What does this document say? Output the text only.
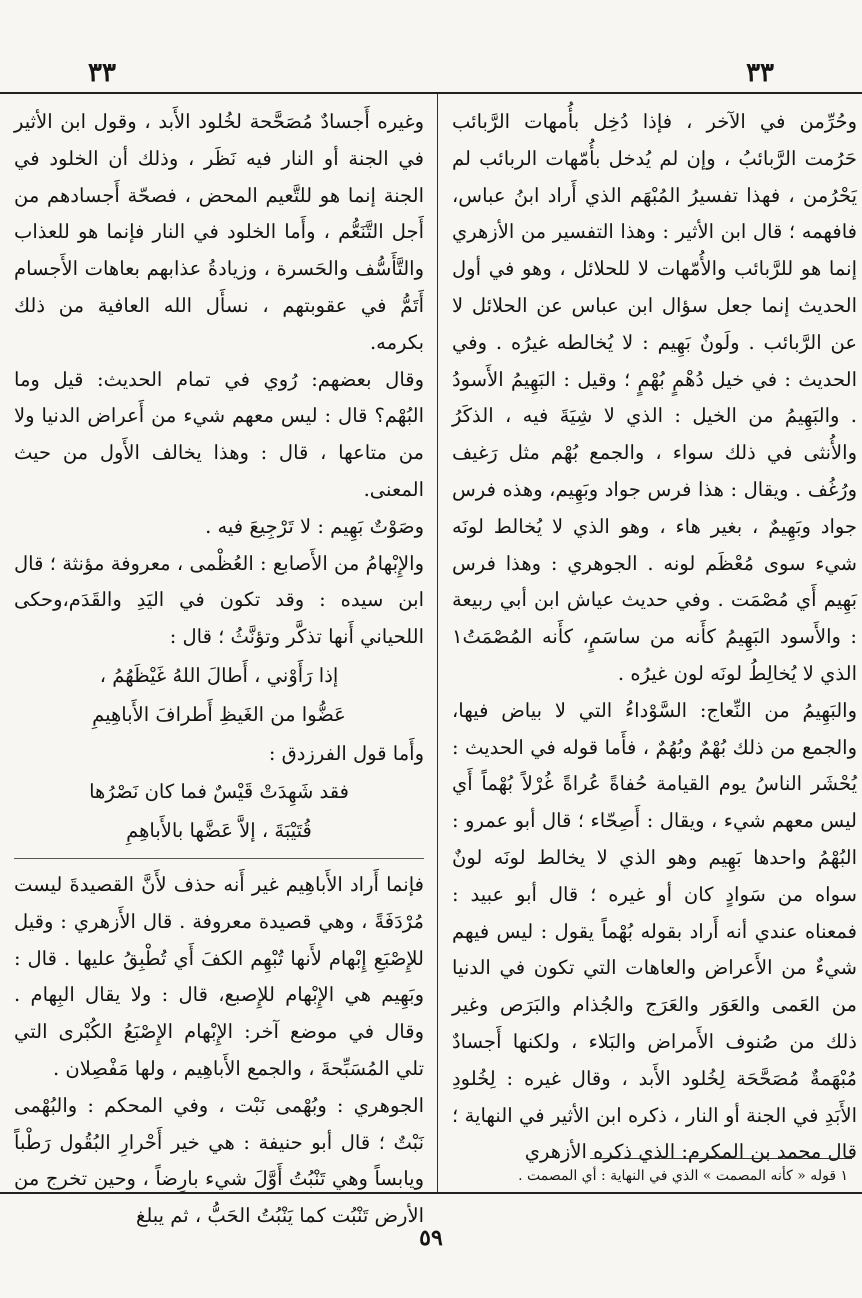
٣٣	٣٣

وحُرِّمن في الآخر ، فإذا دُخِل بأُمهات الرَّبائب حَرُمت الرَّبائبُ ، وإن لم يُدخل بأُمّهات الربائب لم يَحْرُمن ، فهذا تفسيرُ المُبْهَم الذي أَراد ابنُ عباس، فافهمه ؛ قال ابن الأثير : وهذا التفسير من الأزهري إنما هو للرَّبائب والأُمّهات لا للحلائل ، وهو في أول الحديث إنما جعل سؤال ابن عباس عن الحلائل لا عن الرَّبائب . ولَونٌ بَهِيم : لا يُخالطه غيرُه . وفي الحديث : في خيل دُهْمٍ بُهْمٍ ؛ وقيل : البَهِيمُ الأَسودُ . والبَهِيمُ من الخيل : الذي لا شِيَةَ فيه ، الذكَرُ والأُنثى في ذلك سواء ، والجمع بُهْم مثل رَغيف ورُغُف . ويقال : هذا فرس جواد وبَهِيم، وهذه فرس جواد وبَهِيمٌ ، بغير هاء ، وهو الذي لا يُخالط لونَه شيء سوى مُعْظَم لونه . الجوهري : وهذا فرس بَهِيم أَي مُصْمَت . وفي حديث عياش ابن أبي ربيعة : والأَسود البَهِيمُ كأَنه من ساسَمٍ، كأَنه المُصْمَتُ١ الذي لا يُخالِطُ لونَه لون غيرُه .

والبَهِيمُ من النِّعاج: السَّوْداءُ التي لا بياض فيها، والجمع من ذلك بُهْمٌ وبُهُمٌ ، فأَما قوله في الحديث : يُحْشَر الناسُ يوم القيامة حُفاةً عُراةً غُرْلاً بُهْماً أَي ليس معهم شيء ، ويقال : أَصِحّاء ؛ قال أبو عمرو : البُهْمُ واحدها بَهِيم وهو الذي لا يخالط لونَه لونٌ سواه من سَوادٍ كان أو غيره ؛ قال أبو عبيد : فمعناه عندي أنه أَراد بقوله بُهْماً يقول : ليس فيهم شيءٌ من الأَعراض والعاهات التي تكون في الدنيا من العَمى والعَوَر والعَرَج والجُذام والبَرَص وغير ذلك من صُنوف الأَمراض والبَلاء ، ولكنها أَجسادٌ مُبْهَمةٌ مُصَحَّحَة لِخُلود الأَبد ، وقال غيره : لِخُلودِ الأَبَدِ في الجنة أو النار ، ذكره ابن الأثير في النهاية ؛ قال محمد بن المكرم: الذي ذكره الأزهري

وغيره أَجسادٌ مُصَحَّحة لخُلود الأَبد ، وقول ابن الأثير في الجنة أو النار فيه نَظَر ، وذلك أن الخلود في الجنة إنما هو للتَّعيم المحض ، فصحّة أَجسادهم من أَجل التَّنَعُّم ، وأَما الخلود في النار فإنما هو للعذاب والتَّأَسُّف والحَسرة ، وزيادةُ عذابهم بعاهات الأَجسام أَتَمُّ في عقوبتهم ، نسأَل الله العافية من ذلك بكرمه.

وقال بعضهم: رُوي في تمام الحديث: قيل وما البُهْم؟ قال : ليس معهم شيء من أَعراض الدنيا ولا من متاعها ، قال : وهذا يخالف الأَول من حيث المعنى.

وصَوْتٌ بَهِيم : لا تَرْجِيعَ فيه .

والإِبْهامُ من الأَصابع : العُظْمى ، معروفة مؤنثة ؛ قال ابن سيده : وقد تكون في اليَدِ والقَدَم،وحكى اللحياني أَنها تذكَّر وتؤنَّثُ ؛ قال :

إذا رَأَوْني ، أَطالَ اللهُ غَيْظَهُمُ ،

عَضُّوا من الغَيظِ أَطرافَ الأَباهِيمِ

وأَما قول الفرزدق :

فقد شَهِدَتْ قَيْسٌ فما كان نَصْرُها

قُتَيْبَةَ ، إلاَّ عَضَّها بالأَباهِمِ

فإنما أَراد الأَباهِيم غير أَنه حذف لأَنَّ القصيدةَ ليست مُرْدَفَةً ، وهي قصيدة معروفة . قال الأَزهري : وقيل للإِصْبَعِ إِبْهام لأَنها تُبْهِم الكفَ أَي تُطْبِقُ عليها . قال : وبَهِيم هي الإِبْهام للإِصبع، قال : ولا يقال البِهام . وقال في موضع آخر: الإِبْهام الإِصْبَعُ الكُبْرى التي تلي المُسَبِّحةَ ، والجمع الأَباهِيم ، ولها مَفْصِلان .

الجوهري : وبُهْمى نَبْت ، وفي المحكم : والبُهْمى نَبْتٌ ؛ قال أبو حنيفة : هي خير أَحْرارِ البُقُول رَطْباً ويابساً وهي تَنْبُتُ أَوَّلَ شيء بارِضاً ، وحين تخرج من الأرض تَنْبُت كما يَنْبُتُ الحَبُّ ، ثم يبلغ

١ قوله « كأنه المصمت » الذي في النهاية : أي المصمت .
٥٩
